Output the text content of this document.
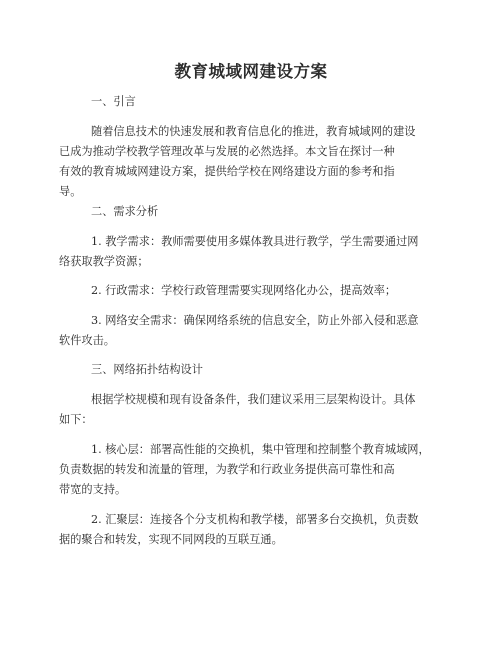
教育城域网建设方案

一、引言

随着信息技术的快速发展和教育信息化的推进，教育城域网的建设
已成为推动学校教学管理改革与发展的必然选择。本文旨在探讨一种
有效的教育城域网建设方案，提供给学校在网络建设方面的参考和指
导。

二、需求分析

1. 教学需求：教师需要使用多媒体教具进行教学，学生需要通过网
络获取教学资源；

2. 行政需求：学校行政管理需要实现网络化办公，提高效率；

3. 网络安全需求：确保网络系统的信息安全，防止外部入侵和恶意
软件攻击。

三、网络拓扑结构设计

根据学校规模和现有设备条件，我们建议采用三层架构设计。具体
如下：

1. 核心层：部署高性能的交换机，集中管理和控制整个教育城域网，
负责数据的转发和流量的管理，为教学和行政业务提供高可靠性和高
带宽的支持。

2. 汇聚层：连接各个分支机构和教学楼，部署多台交换机，负责数
据的聚合和转发，实现不同网段的互联互通。
